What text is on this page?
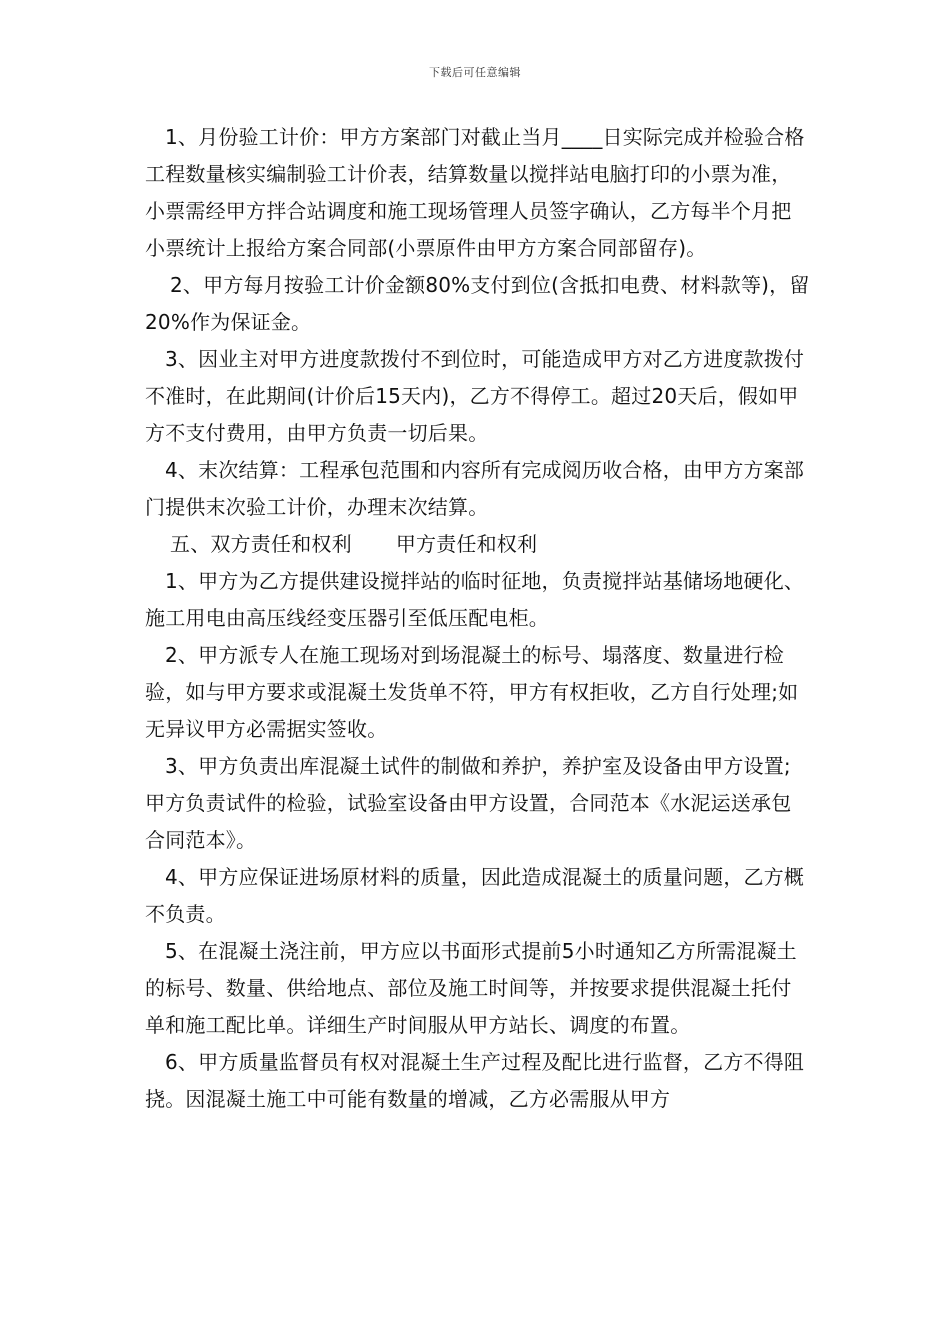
下载后可任意编辑

1、月份验工计价：甲方方案部门对截止当月____日实际完成并检验合格工程数量核实编制验工计价表，结算数量以搅拌站电脑打印的小票为准，小票需经甲方拌合站调度和施工现场管理人员签字确认，乙方每半个月把小票统计上报给方案合同部(小票原件由甲方方案合同部留存)。

2、甲方每月按验工计价金额80%支付到位(含抵扣电费、材料款等)，留20%作为保证金。

3、因业主对甲方进度款拨付不到位时，可能造成甲方对乙方进度款拨付不准时，在此期间(计价后15天内)，乙方不得停工。超过20天后，假如甲方不支付费用，由甲方负责一切后果。

4、末次结算：工程承包范围和内容所有完成阅历收合格，由甲方方案部门提供末次验工计价，办理末次结算。

五、双方责任和权利 甲方责任和权利

1、甲方为乙方提供建设搅拌站的临时征地，负责搅拌站基储场地硬化、施工用电由高压线经变压器引至低压配电柜。

2、甲方派专人在施工现场对到场混凝土的标号、塌落度、数量进行检验，如与甲方要求或混凝土发货单不符，甲方有权拒收，乙方自行处理;如无异议甲方必需据实签收。

3、甲方负责出库混凝土试件的制做和养护，养护室及设备由甲方设置;甲方负责试件的检验，试验室设备由甲方设置，合同范本《水泥运送承包合同范本》。

4、甲方应保证进场原材料的质量，因此造成混凝土的质量问题，乙方概不负责。

5、在混凝土浇注前，甲方应以书面形式提前5小时通知乙方所需混凝土的标号、数量、供给地点、部位及施工时间等，并按要求提供混凝土托付单和施工配比单。详细生产时间服从甲方站长、调度的布置。

6、甲方质量监督员有权对混凝土生产过程及配比进行监督，乙方不得阻挠。因混凝土施工中可能有数量的增减，乙方必需服从甲方
